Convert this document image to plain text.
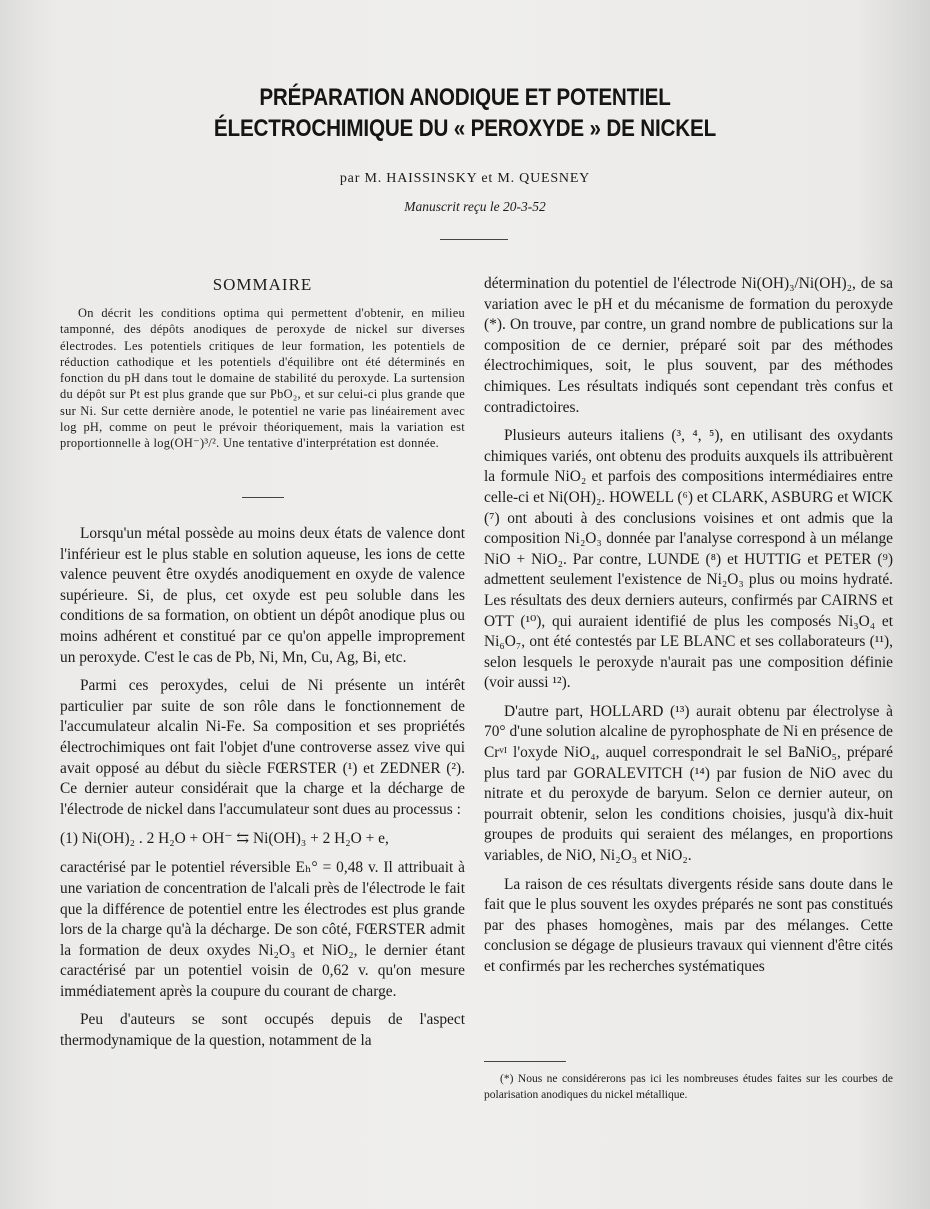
PRÉPARATION ANODIQUE ET POTENTIEL
ÉLECTROCHIMIQUE DU « PEROXYDE » DE NICKEL
par M. HAISSINSKY et M. QUESNEY
Manuscrit reçu le 20-3-52
SOMMAIRE

On décrit les conditions optima qui permettent d'obtenir, en milieu tamponné, des dépôts anodiques de peroxyde de nickel sur diverses électrodes. Les potentiels critiques de leur formation, les potentiels de réduction cathodique et les potentiels d'équilibre ont été déterminés en fonction du pH dans tout le domaine de stabilité du peroxyde. La surtension du dépôt sur Pt est plus grande que sur PbO₂, et sur celui-ci plus grande que sur Ni. Sur cette dernière anode, le potentiel ne varie pas linéairement avec log pH, comme on peut le prévoir théoriquement, mais la variation est proportionnelle à log(OH⁻)³/². Une tentative d'interprétation est donnée.

Lorsqu'un métal possède au moins deux états de valence dont l'inférieur est le plus stable en solution aqueuse, les ions de cette valence peuvent être oxydés anodiquement en oxyde de valence supérieure. Si, de plus, cet oxyde est peu soluble dans les conditions de sa formation, on obtient un dépôt anodique plus ou moins adhérent et constitué par ce qu'on appelle improprement un peroxyde. C'est le cas de Pb, Ni, Mn, Cu, Ag, Bi, etc.

Parmi ces peroxydes, celui de Ni présente un intérêt particulier par suite de son rôle dans le fonctionnement de l'accumulateur alcalin Ni-Fe. Sa composition et ses propriétés électrochimiques ont fait l'objet d'une controverse assez vive qui avait opposé au début du siècle FŒRSTER (¹) et ZEDNER (²). Ce dernier auteur considérait que la charge et la décharge de l'électrode de nickel dans l'accumulateur sont dues au processus :

(1) Ni(OH)₂ . 2 H₂O + OH⁻ ⇆ Ni(OH)₃ + 2 H₂O + e,

caractérisé par le potentiel réversible Eₕ° = 0,48 v. Il attribuait à une variation de concentration de l'alcali près de l'électrode le fait que la différence de potentiel entre les électrodes est plus grande lors de la charge qu'à la décharge. De son côté, FŒRSTER admit la formation de deux oxydes Ni₂O₃ et NiO₂, le dernier étant caractérisé par un potentiel voisin de 0,62 v. qu'on mesure immédiatement après la coupure du courant de charge.

Peu d'auteurs se sont occupés depuis de l'aspect thermodynamique de la question, notamment de la

détermination du potentiel de l'électrode Ni(OH)₃/Ni(OH)₂, de sa variation avec le pH et du mécanisme de formation du peroxyde (*). On trouve, par contre, un grand nombre de publications sur la composition de ce dernier, préparé soit par des méthodes électrochimiques, soit, le plus souvent, par des méthodes chimiques. Les résultats indiqués sont cependant très confus et contradictoires.

Plusieurs auteurs italiens (³, ⁴, ⁵), en utilisant des oxydants chimiques variés, ont obtenu des produits auxquels ils attribuèrent la formule NiO₂ et parfois des compositions intermédiaires entre celle-ci et Ni(OH)₂. HOWELL (⁶) et CLARK, ASBURG et WICK (⁷) ont abouti à des conclusions voisines et ont admis que la composition Ni₂O₃ donnée par l'analyse correspond à un mélange NiO + NiO₂. Par contre, LUNDE (⁸) et HUTTIG et PETER (⁹) admettent seulement l'existence de Ni₂O₃ plus ou moins hydraté. Les résultats des deux derniers auteurs, confirmés par CAIRNS et OTT (¹⁰), qui auraient identifié de plus les composés Ni₃O₄ et Ni₆O₇, ont été contestés par LE BLANC et ses collaborateurs (¹¹), selon lesquels le peroxyde n'aurait pas une composition définie (voir aussi ¹²).

D'autre part, HOLLARD (¹³) aurait obtenu par électrolyse à 70° d'une solution alcaline de pyrophosphate de Ni en présence de Crᵛᴵ l'oxyde NiO₄, auquel correspondrait le sel BaNiO₅, préparé plus tard par GORALEVITCH (¹⁴) par fusion de NiO avec du nitrate et du peroxyde de baryum. Selon ce dernier auteur, on pourrait obtenir, selon les conditions choisies, jusqu'à dix-huit groupes de produits qui seraient des mélanges, en proportions variables, de NiO, Ni₂O₃ et NiO₂.

La raison de ces résultats divergents réside sans doute dans le fait que le plus souvent les oxydes préparés ne sont pas constitués par des phases homogènes, mais par des mélanges. Cette conclusion se dégage de plusieurs travaux qui viennent d'être cités et confirmés par les recherches systématiques

(*) Nous ne considérerons pas ici les nombreuses études faites sur les courbes de polarisation anodiques du nickel métallique.
